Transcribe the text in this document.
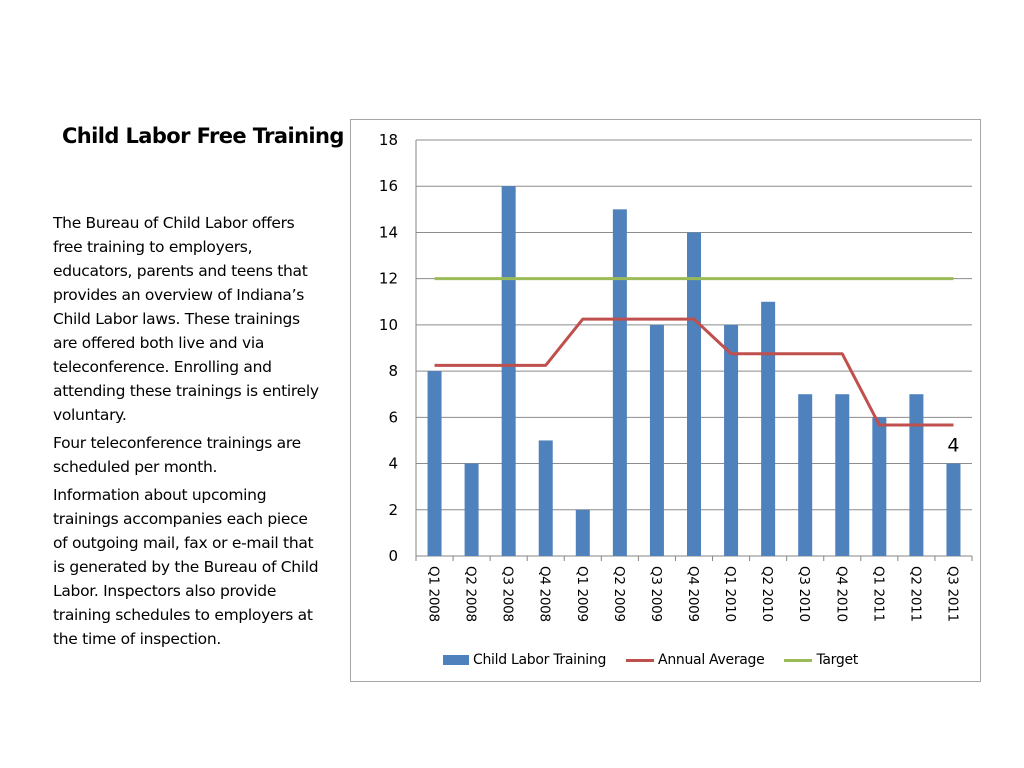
Child Labor Free Training

The Bureau of Child Labor offers free training to employers, educators, parents and teens that provides an overview of Indiana’s Child Labor laws. These trainings are offered both live and via teleconference. Enrolling and attending these trainings is entirely voluntary.

Four teleconference trainings are scheduled per month.

Information about upcoming trainings accompanies each piece of outgoing mail, fax or e-mail that is generated by the Bureau of Child Labor. Inspectors also provide training schedules to employers at the time of inspection.

0
2
4
6
8
10
12
14
16
18
Q1 2008 Q2 2008 Q3 2008 Q4 2008 Q1 2009 Q2 2009 Q3 2009 Q4 2009 Q1 2010 Q2 2010 Q3 2010 Q4 2010 Q1 2011 Q2 2011 Q3 2011
4
Child Labor Training	Annual Average	Target
